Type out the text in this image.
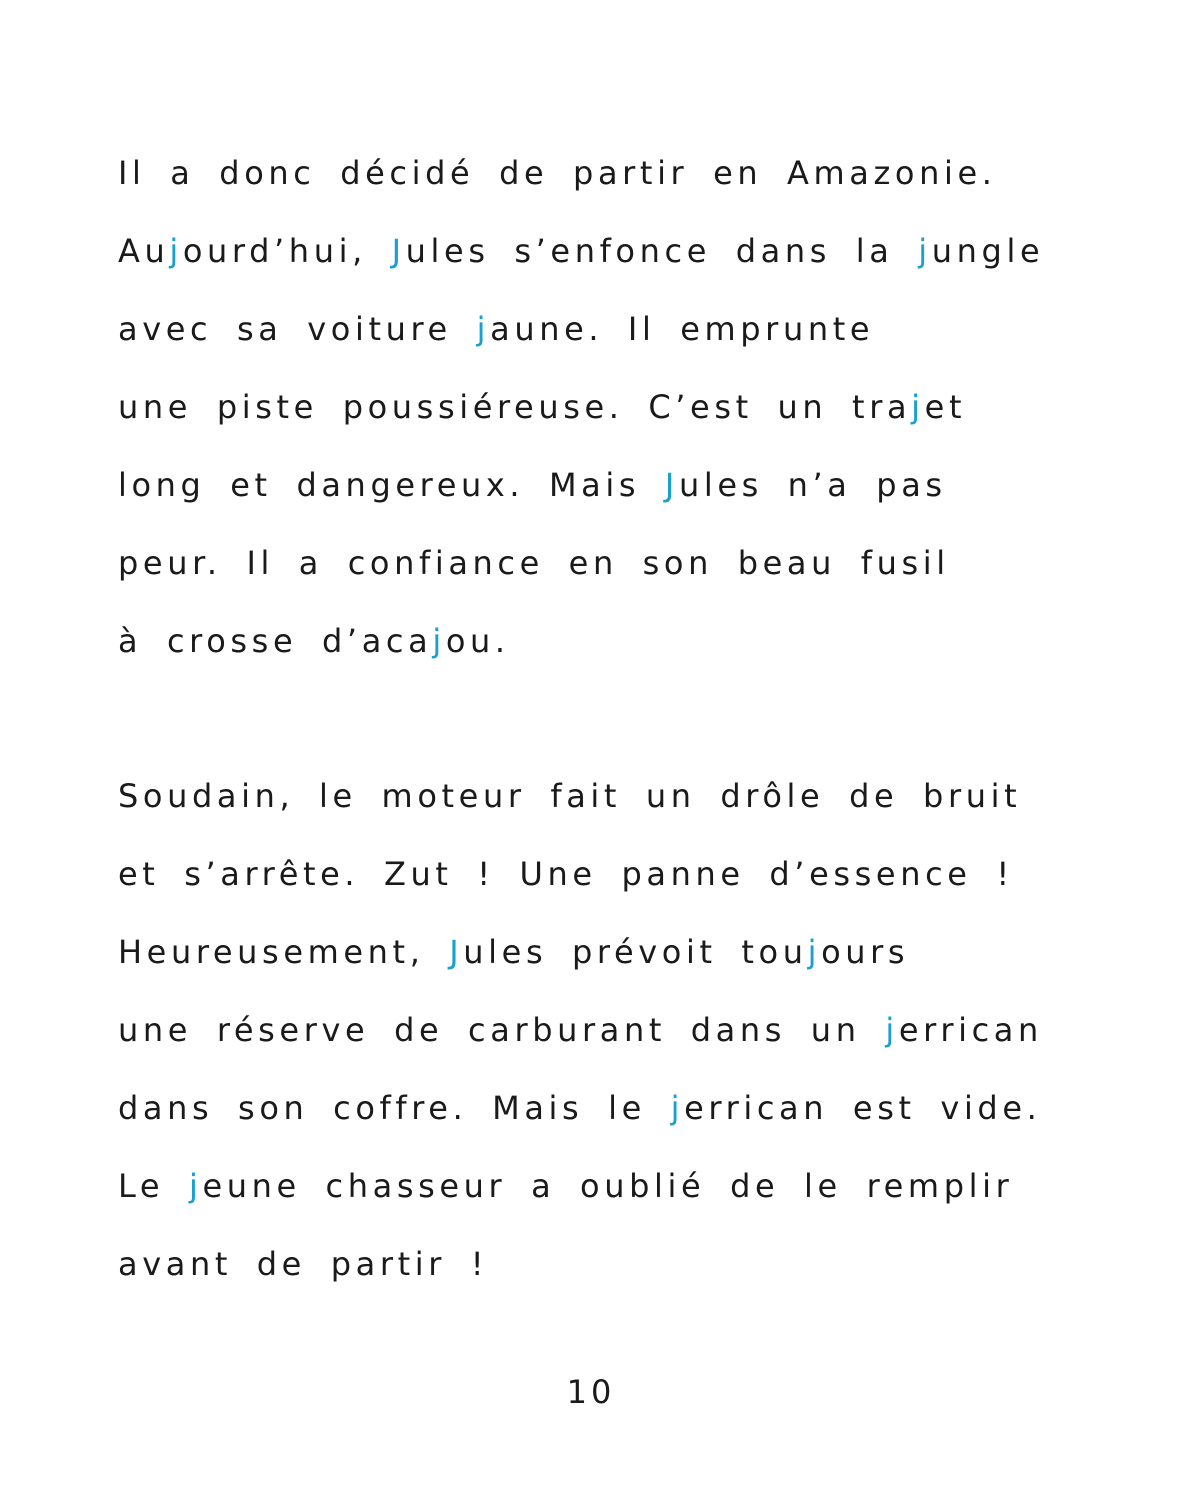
Il a donc décidé de partir en Amazonie.
Aujourd’hui, Jules s’enfonce dans la jungle
avec sa voiture jaune. Il emprunte
une piste poussiéreuse. C’est un trajet
long et dangereux. Mais Jules n’a pas
peur. Il a confiance en son beau fusil
à crosse d’acajou.
Soudain, le moteur fait un drôle de bruit
et s’arrête. Zut ! Une panne d’essence !
Heureusement, Jules prévoit toujours
une réserve de carburant dans un jerrican
dans son coffre. Mais le jerrican est vide.
Le jeune chasseur a oublié de le remplir
avant de partir !
10
